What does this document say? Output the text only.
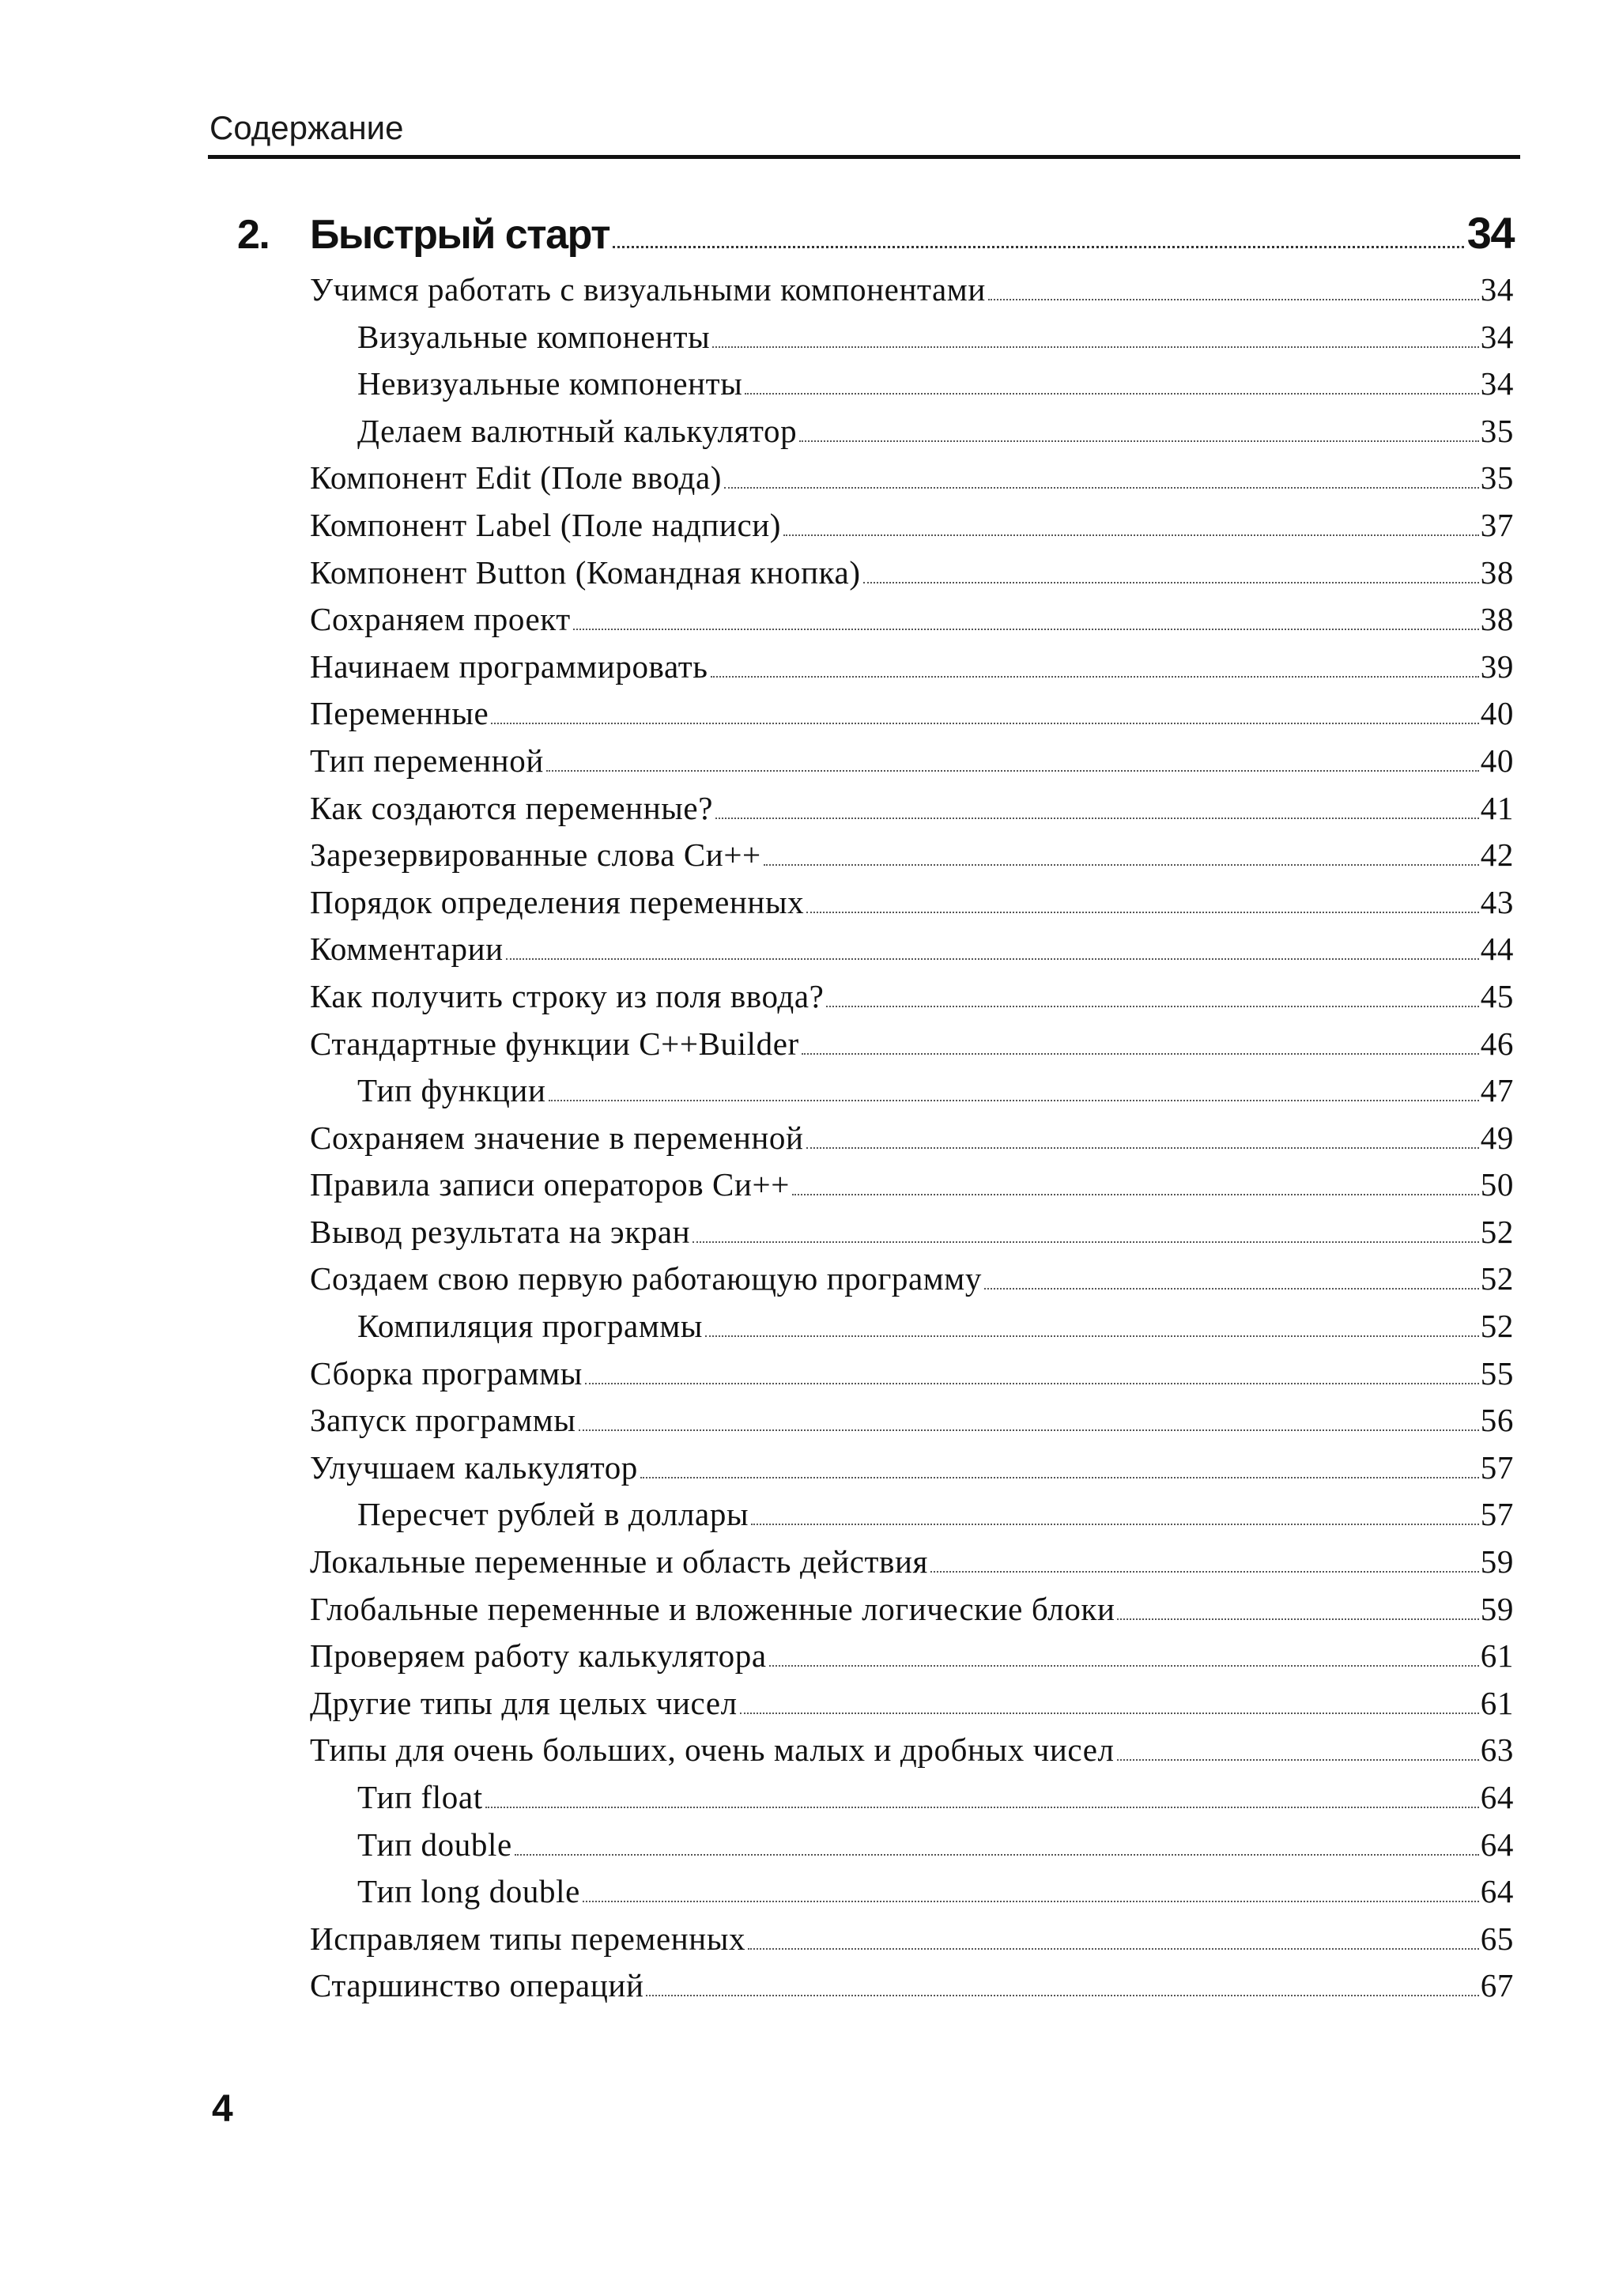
Содержание
2. Быстрый старт	34
Учимся работать с визуальными компонентами	34
Визуальные компоненты	34
Невизуальные компоненты	34
Делаем валютный калькулятор	35
Компонент Edit (Поле ввода)	35
Компонент Label (Поле надписи)	37
Компонент Button (Командная кнопка)	38
Сохраняем проект	38
Начинаем программировать	39
Переменные	40
Тип переменной	40
Как создаются переменные?	41
Зарезервированные слова Си++	42
Порядок определения переменных	43
Комментарии	44
Как получить строку из поля ввода?	45
Стандартные функции C++Builder	46
Тип функции	47
Сохраняем значение в переменной	49
Правила записи операторов Си++	50
Вывод результата на экран	52
Создаем свою первую работающую программу	52
Компиляция программы	52
Сборка программы	55
Запуск программы	56
Улучшаем калькулятор	57
Пересчет рублей в доллары	57
Локальные переменные и область действия	59
Глобальные переменные и вложенные логические блоки	59
Проверяем работу калькулятора	61
Другие типы для целых чисел	61
Типы для очень больших, очень малых и дробных чисел	63
Тип float	64
Тип double	64
Тип long double	64
Исправляем типы переменных	65
Старшинство операций	67
4
